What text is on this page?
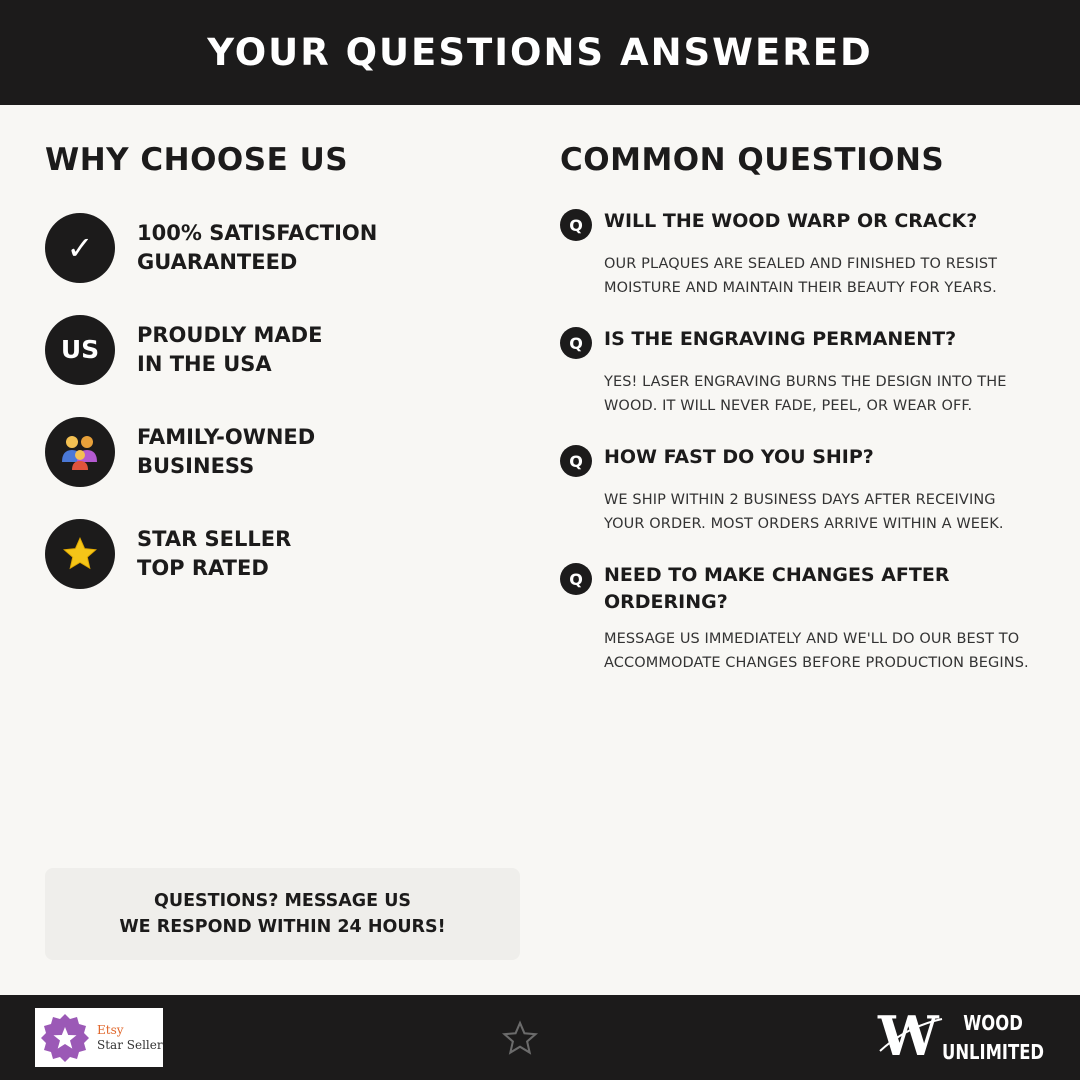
YOUR QUESTIONS ANSWERED
WHY CHOOSE US
✓	100% SATISFACTION
GUARANTEED
US
PROUDLY MADE
IN THE USA
FAMILY-OWNED
BUSINESS
STAR SELLER
TOP RATED
COMMON QUESTIONS
Q	WILL THE WOOD WARP OR CRACK?
OUR PLAQUES ARE SEALED AND FINISHED TO RESIST MOISTURE AND MAINTAIN THEIR BEAUTY FOR YEARS.
Q	IS THE ENGRAVING PERMANENT?
YES! LASER ENGRAVING BURNS THE DESIGN INTO THE WOOD. IT WILL NEVER FADE, PEEL, OR WEAR OFF.
Q	HOW FAST DO YOU SHIP?
WE SHIP WITHIN 2 BUSINESS DAYS AFTER RECEIVING YOUR ORDER. MOST ORDERS ARRIVE WITHIN A WEEK.
Q	NEED TO MAKE CHANGES AFTER ORDERING?
MESSAGE US IMMEDIATELY AND WE'LL DO OUR BEST TO ACCOMMODATE CHANGES BEFORE PRODUCTION BEGINS.
QUESTIONS? MESSAGE US
WE RESPOND WITHIN 24 HOURS!
Etsy
Star Seller	W	WOOD
UNLIMITED
